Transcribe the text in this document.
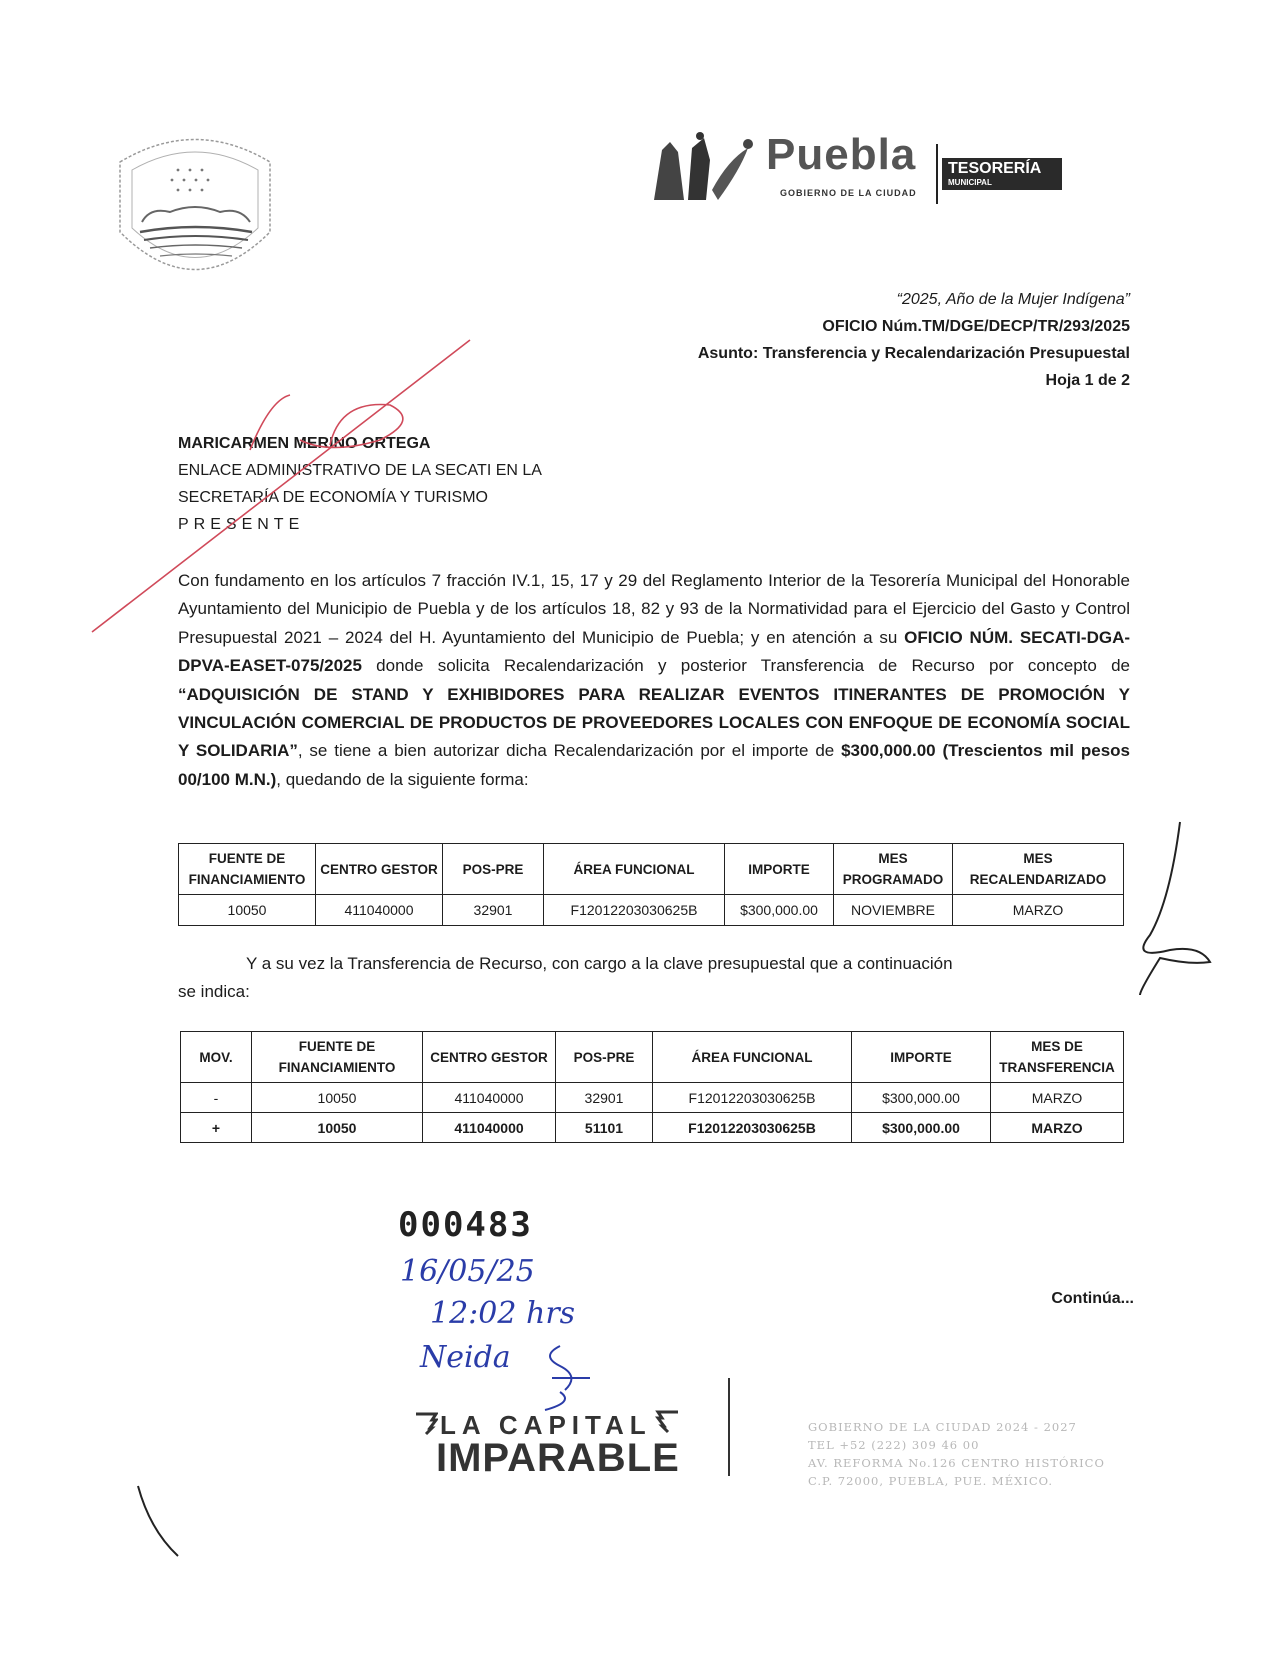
Puebla
GOBIERNO DE LA CIUDAD
TESORERÍA
MUNICIPAL
“2025, Año de la Mujer Indígena”
OFICIO Núm.TM/DGE/DECP/TR/293/2025
Asunto: Transferencia y Recalendarización Presupuestal
Hoja 1 de 2
MARICARMEN MERINO ORTEGA
ENLACE ADMINISTRATIVO DE LA SECATI EN LA
SECRETARÍA DE ECONOMÍA Y TURISMO
PRESENTE
Con fundamento en los artículos 7 fracción IV.1, 15, 17 y 29 del Reglamento Interior de la Tesorería Municipal del Honorable Ayuntamiento del Municipio de Puebla y de los artículos 18, 82 y 93 de la Normatividad para el Ejercicio del Gasto y Control Presupuestal 2021 – 2024 del H. Ayuntamiento del Municipio de Puebla; y en atención a su OFICIO NÚM. SECATI-DGA-DPVA-EASET-075/2025 donde solicita Recalendarización y posterior Transferencia de Recurso por concepto de “ADQUISICIÓN DE STAND Y EXHIBIDORES PARA REALIZAR EVENTOS ITINERANTES DE PROMOCIÓN Y VINCULACIÓN COMERCIAL DE PRODUCTOS DE PROVEEDORES LOCALES CON ENFOQUE DE ECONOMÍA SOCIAL Y SOLIDARIA”, se tiene a bien autorizar dicha Recalendarización por el importe de $300,000.00 (Trescientos mil pesos 00/100 M.N.), quedando de la siguiente forma:
FUENTE DE FINANCIAMIENTO	CENTRO GESTOR	POS-PRE	ÁREA FUNCIONAL	IMPORTE	MES PROGRAMADO	MES RECALENDARIZADO
10050	411040000	32901	F12012203030625B	$300,000.00	NOVIEMBRE	MARZO
Y a su vez la Transferencia de Recurso, con cargo a la clave presupuestal que a continuación
se indica:
MOV.	FUENTE DE FINANCIAMIENTO	CENTRO GESTOR	POS-PRE	ÁREA FUNCIONAL	IMPORTE	MES DE TRANSFERENCIA
-	10050	411040000	32901	F12012203030625B	$300,000.00	MARZO
+	10050	411040000	51101	F12012203030625B	$300,000.00	MARZO
000483
16/05/25
12:02 hrs
Neida
Continúa...
LA CAPITAL
IMPARABLE
GOBIERNO DE LA CIUDAD 2024 - 2027
TEL +52 (222) 309 46 00
AV. REFORMA No.126 CENTRO HISTÓRICO
C.P. 72000, PUEBLA, PUE. MÉXICO.
